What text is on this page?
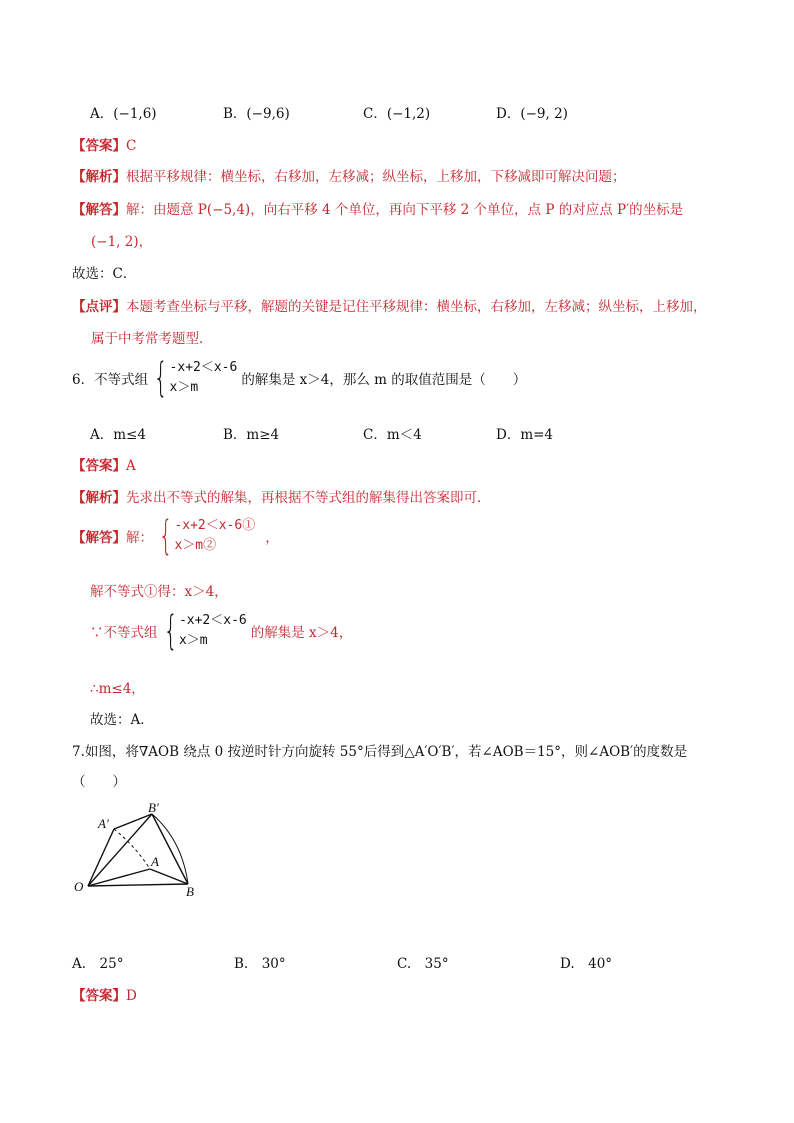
A．(−1,6)	B．(−9,6)	C．(−1,2)	D．(−9, 2)
【答案】C
【解析】根据平移规律：横坐标，右移加，左移减；纵坐标，上移加，下移减即可解决问题；
【解答】解：由题意 P(−5,4)，向右平移 4 个单位，再向下平移 2 个单位，点 P 的对应点 P′的坐标是
(−1, 2)，
故选：C．
【点评】本题考查坐标与平移，解题的关键是记住平移规律：横坐标，右移加，左移减；纵坐标，上移加，
属于中考常考题型．
6．不等式组 { -x+2＜x-6
x＞m	的解集是 x＞4，那么 m 的取值范围是（　　）
A．m≤4	B．m≥4	C．m＜4	D．m=4
【答案】A
【解析】先求出不等式的解集，再根据不等式组的解集得出答案即可．
【解答】 解： { -x+2＜x-6①
x＞m②	，
解不等式①得：x＞4，
∵不等式组 { -x+2＜x-6
x＞m	的解集是 x＞4，
∴m≤4，
故选：A．
7.如图，将∇AOB 绕点 0 按逆时针方向旋转 55°后得到△A′O′B′，若∠AOB＝15°，则∠AOB′的度数是
（　　）
O
A
B
A′
B′
A.　25°	B.　30°	C.　35°	D.　40°
【答案】D
